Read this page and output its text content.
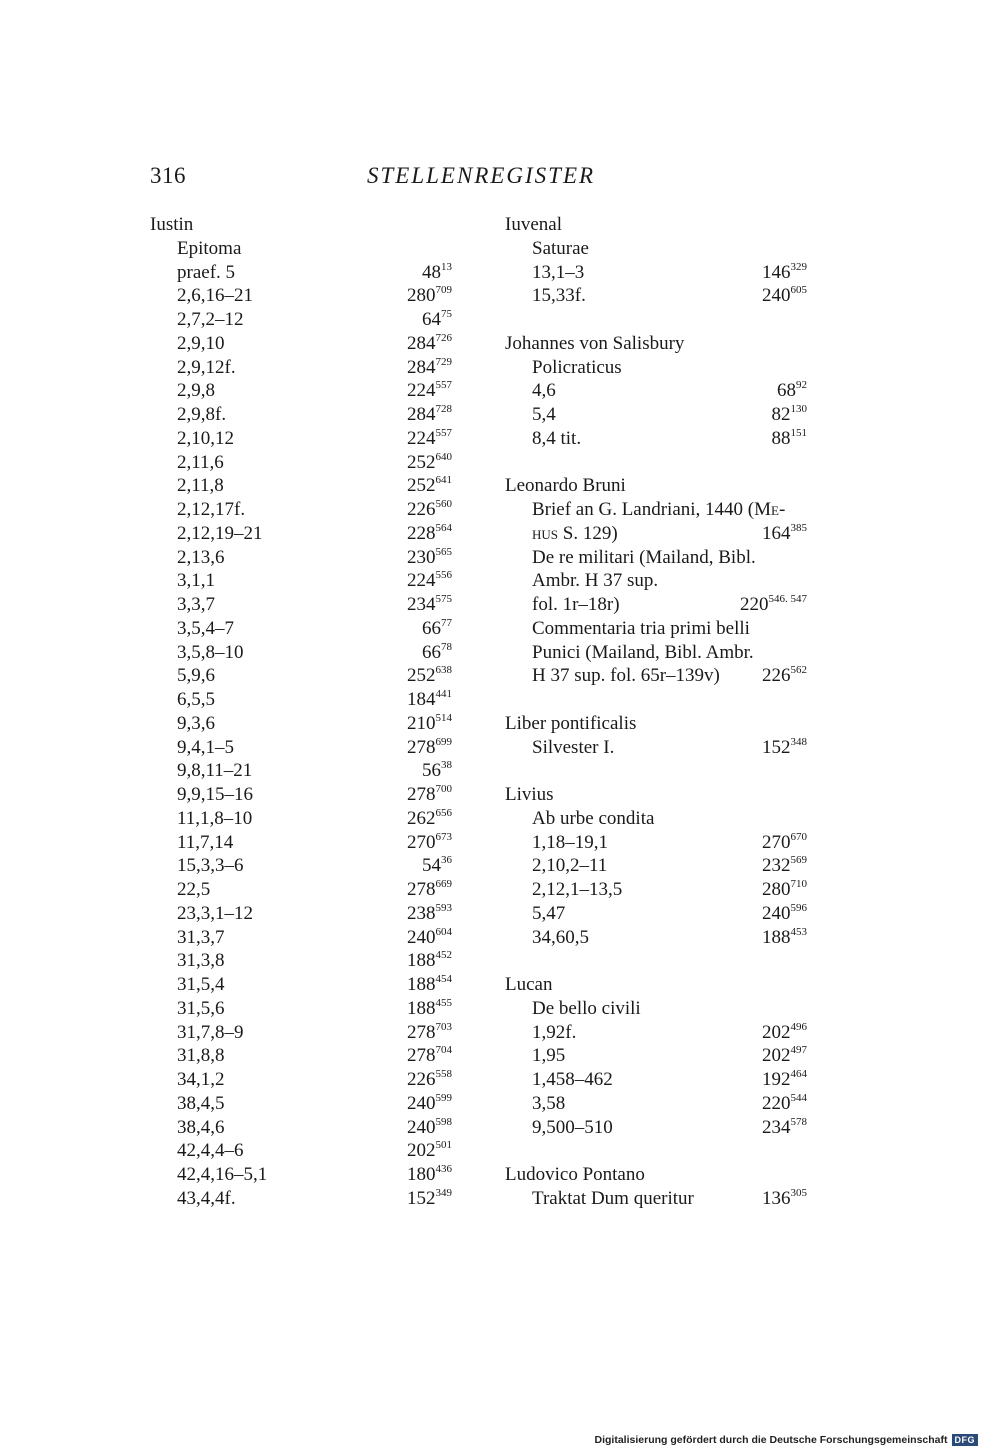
316	STELLENREGISTER
Iustin
Epitoma
praef. 5	$48^{13}$
2,6,16–21	$280^{709}$
2,7,2–12	$64^{75}$
2,9,10	$284^{726}$
2,9,12f.	$284^{729}$
2,9,8	$224^{557}$
2,9,8f.	$284^{728}$
2,10,12	$224^{557}$
2,11,6	$252^{640}$
2,11,8	$252^{641}$
2,12,17f.	$226^{560}$
2,12,19–21	$228^{564}$
2,13,6	$230^{565}$
3,1,1	$224^{556}$
3,3,7	$234^{575}$
3,5,4–7	$66^{77}$
3,5,8–10	$66^{78}$
5,9,6	$252^{638}$
6,5,5	$184^{441}$
9,3,6	$210^{514}$
9,4,1–5	$278^{699}$
9,8,11–21	$56^{38}$
9,9,15–16	$278^{700}$
11,1,8–10	$262^{656}$
11,7,14	$270^{673}$
15,3,3–6	$54^{36}$
22,5	$278^{669}$
23,3,1–12	$238^{593}$
31,3,7	$240^{604}$
31,3,8	$188^{452}$
31,5,4	$188^{454}$
31,5,6	$188^{455}$
31,7,8–9	$278^{703}$
31,8,8	$278^{704}$
34,1,2	$226^{558}$
38,4,5	$240^{599}$
38,4,6	$240^{598}$
42,4,4–6	$202^{501}$
42,4,16–5,1	$180^{436}$
43,4,4f.	$152^{349}$
Iuvenal
Saturae
13,1–3	$146^{329}$
15,33f.	$240^{605}$
Johannes von Salisbury
Policraticus
4,6	$68^{92}$
5,4	$82^{130}$
8,4 tit.	$88^{151}$
Leonardo Bruni
Brief an G. Landriani, 1440 (Me-
hus S. 129)	$164^{385}$
De re militari (Mailand, Bibl.
Ambr. H 37 sup.
fol. 1r–18r)	$220^{546. 547}$
Commentaria tria primi belli
Punici (Mailand, Bibl. Ambr.
H 37 sup. fol. 65r–139v) $226^{562}$
Liber pontificalis
Silvester I.	$152^{348}$
Livius
Ab urbe condita
1,18–19,1	$270^{670}$
2,10,2–11	$232^{569}$
2,12,1–13,5	$280^{710}$
5,47	$240^{596}$
34,60,5	$188^{453}$
Lucan
De bello civili
1,92f.	$202^{496}$
1,95	$202^{497}$
1,458–462	$192^{464}$
3,58	$220^{544}$
9,500–510	$234^{578}$
Ludovico Pontano
Traktat Dum queritur	$136^{305}$
Digitalisierung gefördert durch die Deutsche Forschungsgemeinschaft DFG
